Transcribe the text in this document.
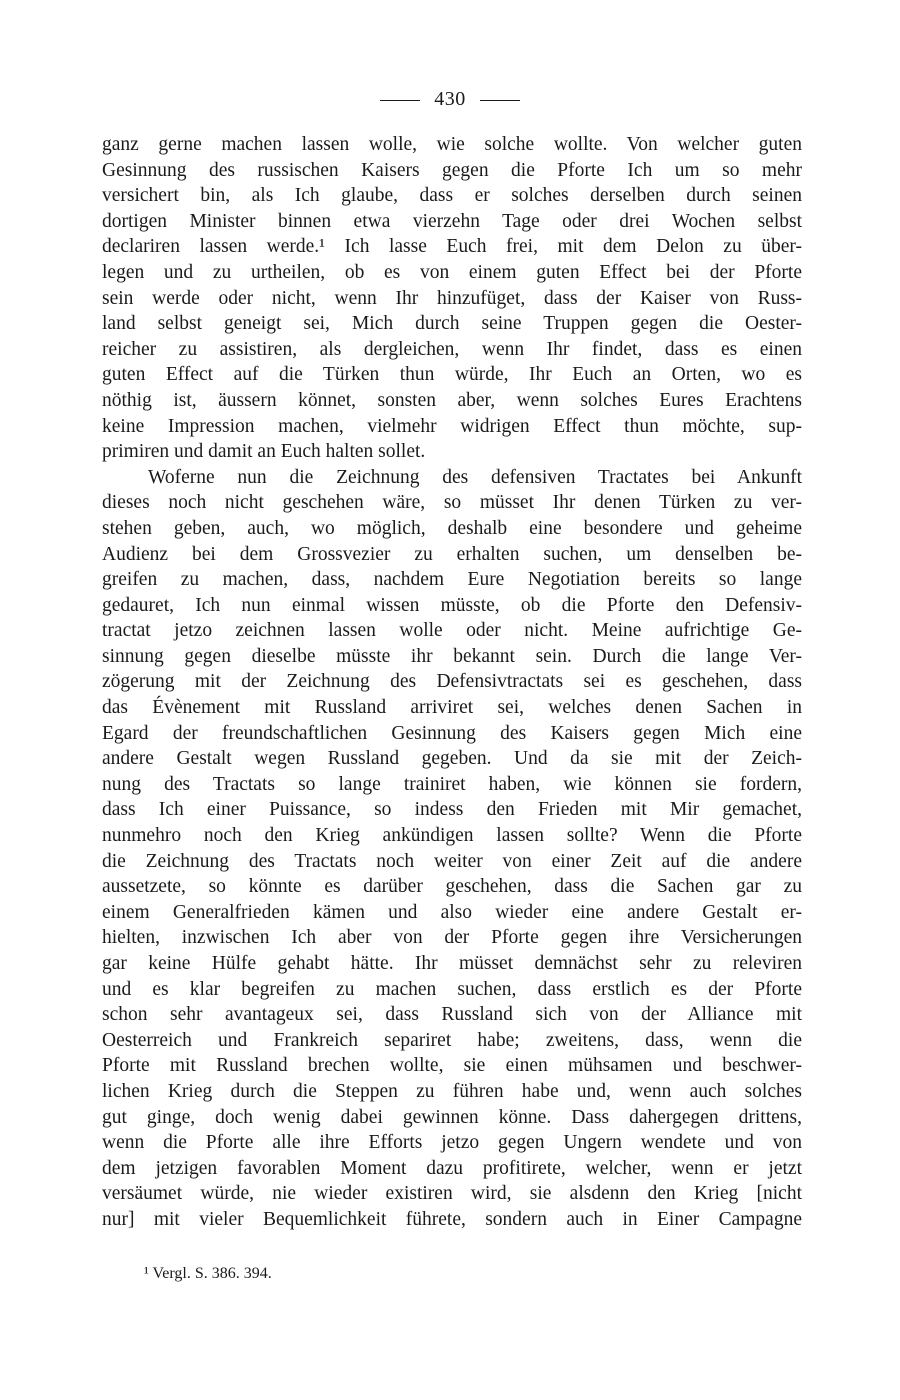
430
ganz gerne machen lassen wolle, wie solche wollte. Von welcher guten
Gesinnung des russischen Kaisers gegen die Pforte Ich um so mehr
versichert bin, als Ich glaube, dass er solches derselben durch seinen
dortigen Minister binnen etwa vierzehn Tage oder drei Wochen selbst
declariren lassen werde.¹ Ich lasse Euch frei, mit dem Delon zu über-
legen und zu urtheilen, ob es von einem guten Effect bei der Pforte
sein werde oder nicht, wenn Ihr hinzufüget, dass der Kaiser von Russ-
land selbst geneigt sei, Mich durch seine Truppen gegen die Oester-
reicher zu assistiren, als dergleichen, wenn Ihr findet, dass es einen
guten Effect auf die Türken thun würde, Ihr Euch an Orten, wo es
nöthig ist, äussern könnet, sonsten aber, wenn solches Eures Erachtens
keine Impression machen, vielmehr widrigen Effect thun möchte, sup-
primiren und damit an Euch halten sollet.
Woferne nun die Zeichnung des defensiven Tractates bei Ankunft
dieses noch nicht geschehen wäre, so müsset Ihr denen Türken zu ver-
stehen geben, auch, wo möglich, deshalb eine besondere und geheime
Audienz bei dem Grossvezier zu erhalten suchen, um denselben be-
greifen zu machen, dass, nachdem Eure Negotiation bereits so lange
gedauret, Ich nun einmal wissen müsste, ob die Pforte den Defensiv-
tractat jetzo zeichnen lassen wolle oder nicht. Meine aufrichtige Ge-
sinnung gegen dieselbe müsste ihr bekannt sein. Durch die lange Ver-
zögerung mit der Zeichnung des Defensivtractats sei es geschehen, dass
das Évènement mit Russland arriviret sei, welches denen Sachen in
Egard der freundschaftlichen Gesinnung des Kaisers gegen Mich eine
andere Gestalt wegen Russland gegeben. Und da sie mit der Zeich-
nung des Tractats so lange trainiret haben, wie können sie fordern,
dass Ich einer Puissance, so indess den Frieden mit Mir gemachet,
nunmehro noch den Krieg ankündigen lassen sollte? Wenn die Pforte
die Zeichnung des Tractats noch weiter von einer Zeit auf die andere
aussetzete, so könnte es darüber geschehen, dass die Sachen gar zu
einem Generalfrieden kämen und also wieder eine andere Gestalt er-
hielten, inzwischen Ich aber von der Pforte gegen ihre Versicherungen
gar keine Hülfe gehabt hätte. Ihr müsset demnächst sehr zu releviren
und es klar begreifen zu machen suchen, dass erstlich es der Pforte
schon sehr avantageux sei, dass Russland sich von der Alliance mit
Oesterreich und Frankreich separiret habe; zweitens, dass, wenn die
Pforte mit Russland brechen wollte, sie einen mühsamen und beschwer-
lichen Krieg durch die Steppen zu führen habe und, wenn auch solches
gut ginge, doch wenig dabei gewinnen könne. Dass dahergegen drittens,
wenn die Pforte alle ihre Efforts jetzo gegen Ungern wendete und von
dem jetzigen favorablen Moment dazu profitirete, welcher, wenn er jetzt
versäumet würde, nie wieder existiren wird, sie alsdenn den Krieg [nicht
nur] mit vieler Bequemlichkeit führete, sondern auch in Einer Campagne
¹ Vergl. S. 386. 394.
